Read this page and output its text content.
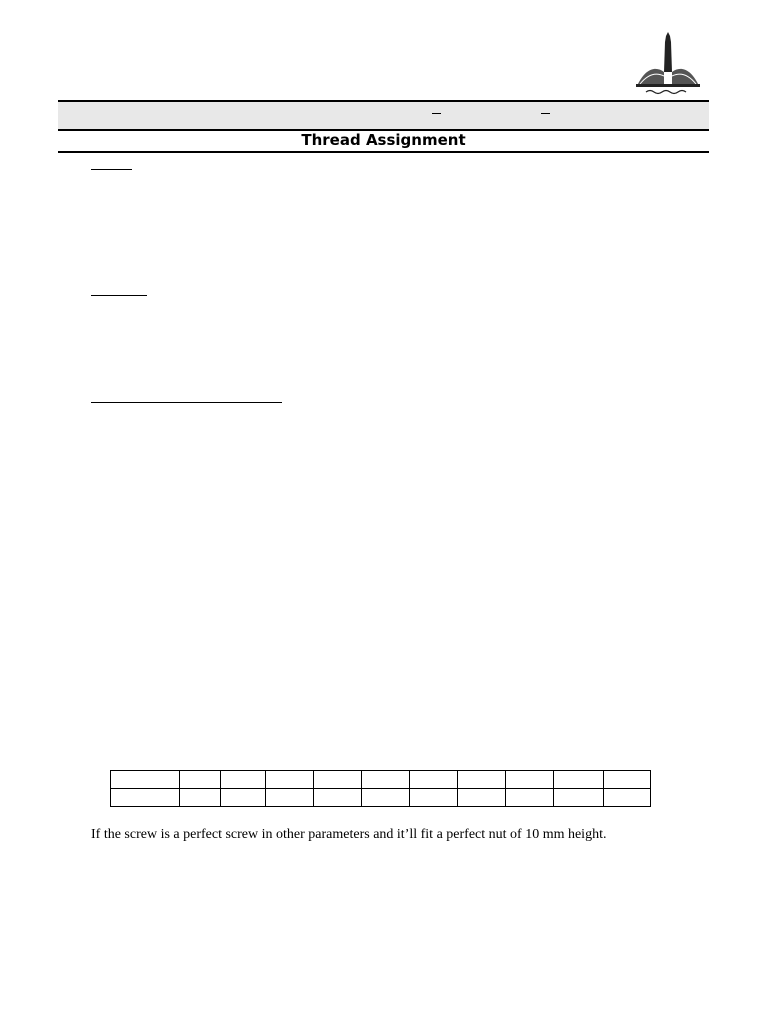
Thread Assignment

If the screw is a perfect screw in other parameters and it’ll fit a perfect nut of 10 mm height.
